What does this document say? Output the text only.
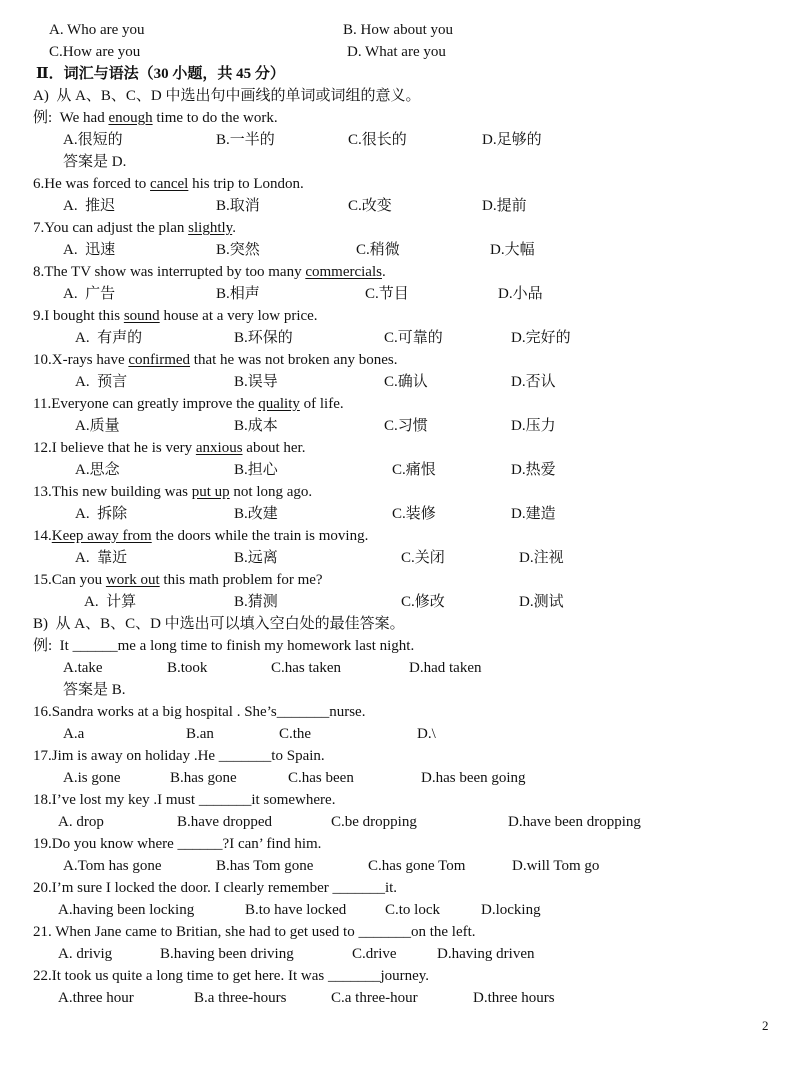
A. Who are you	B. How about you
C.How are you	D. What are you
Ⅱ．词汇与语法（30 小题，共 45 分）
A)  从 A、B、C、D 中选出句中画线的单词或词组的意义。
例:  We had enough time to do the work.
A.很短的	B.一半的	C.很长的	D.足够的
答案是 D.
6.He was forced to cancel his trip to London.
A.  推迟	B.取消	C.改变	D.提前
7.You can adjust the plan slightly.
A.  迅速	B.突然	C.稍微	D.大幅
8.The TV show was interrupted by too many commercials.
A.  广告	B.相声	C.节目	D.小品
9.I bought this sound house at a very low price.
A.  有声的	B.环保的	C.可靠的	D.完好的
10.X-rays have confirmed that he was not broken any bones.
A.  预言	B.误导	C.确认	D.否认
11.Everyone can greatly improve the quality of life.
A.质量	B.成本	C.习惯	D.压力
12.I believe that he is very anxious about her.
A.思念	B.担心	C.痛恨	D.热爱
13.This new building was put up not long ago.
A.  拆除	B.改建	C.装修	D.建造
14.Keep away from the doors while the train is moving.
A.  靠近	B.远离	C.关闭	D.注视
15.Can you work out this math problem for me?
A.  计算	B.猜测	C.修改	D.测试
B)  从 A、B、C、D 中选出可以填入空白处的最佳答案。
例:  It ______me a long time to finish my homework last night.
A.take	B.took	C.has taken	D.had taken
答案是 B.
16.Sandra works at a big hospital . She’s_______nurse.
A.a	B.an	C.the	D.\
17.Jim is away on holiday .He _______to Spain.
A.is gone	B.has gone	C.has been	D.has been going
18.I’ve lost my key .I must _______it somewhere.
A. drop	B.have dropped	C.be dropping	D.have been dropping
19.Do you know where ______?I can’ find him.
A.Tom has gone	B.has Tom gone	C.has gone Tom	D.will Tom go
20.I’m sure I locked the door. I clearly remember _______it.
A.having been locking	B.to have locked	C.to lock	D.locking
21. When Jane came to Britian, she had to get used to _______on the left.
A. drivig	B.having been driving	C.drive	D.having driven
22.It took us quite a long time to get here. It was _______journey.
A.three hour	B.a three-hours	C.a three-hour	D.three hours
2
